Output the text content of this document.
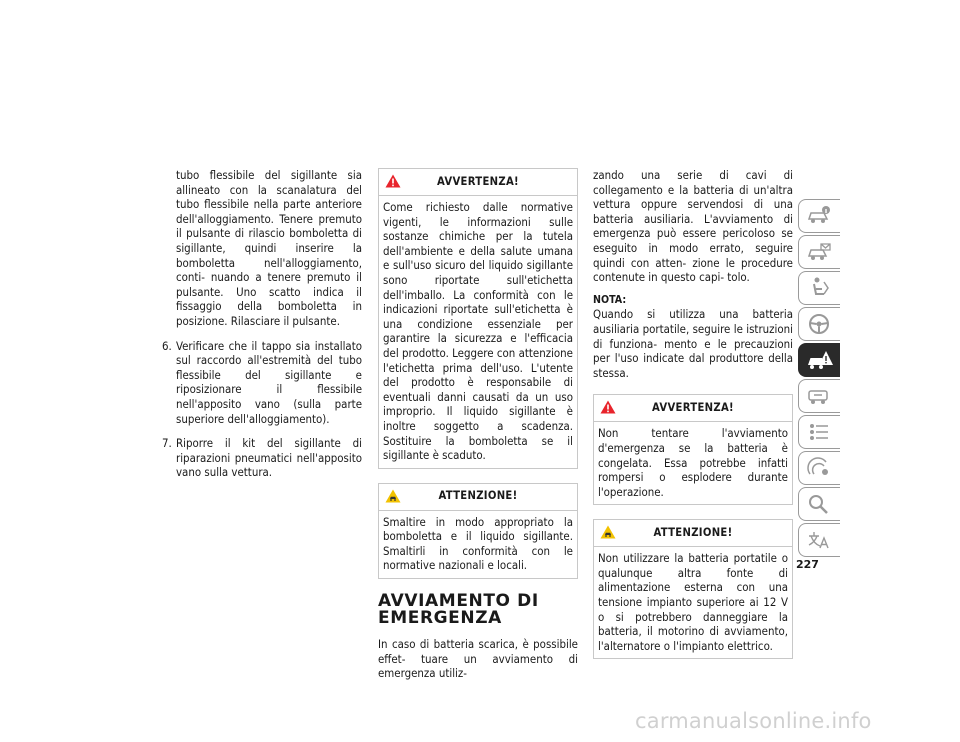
tubo flessibile del sigillante sia allineato con la scanalatura del tubo flessibile nella parte anteriore dell'alloggiamento. Tenere premuto il pulsante di rilascio bomboletta di sigillante, quindi inserire la bomboletta nell'alloggiamento, conti- nuando a tenere premuto il pulsante. Uno scatto indica il fissaggio della bomboletta in posizione. Rilasciare il pulsante.

6. Verificare che il tappo sia installato sul raccordo all'estremità del tubo flessibile del sigillante e riposizionare il flessibile nell'apposito vano (sulla parte superiore dell'alloggiamento).
7. Riporre il kit del sigillante di riparazioni pneumatici nell'apposito vano sulla vettura.
AVVERTENZA!
Come richiesto dalle normative vigenti, le informazioni sulle sostanze chimiche per la tutela dell'ambiente e della salute umana e sull'uso sicuro del liquido sigillante sono riportate sull'etichetta dell'imballo. La conformità con le indicazioni riportate sull'etichetta è una condizione essenziale per garantire la sicurezza e l'efficacia del prodotto. Leggere con attenzione l'etichetta prima dell'uso. L'utente del prodotto è responsabile di eventuali danni causati da un uso improprio. Il liquido sigillante è inoltre soggetto a scadenza. Sostituire la bomboletta se il sigillante è scaduto.
ATTENZIONE!
Smaltire in modo appropriato la bomboletta e il liquido sigillante. Smaltirli in conformità con le normative nazionali e locali.
AVVIAMENTO DI EMERGENZA

In caso di batteria scarica, è possibile effet- tuare un avviamento di emergenza utiliz-

zando una serie di cavi di collegamento e la batteria di un'altra vettura oppure servendosi di una batteria ausiliaria. L'avviamento di emergenza può essere pericoloso se eseguito in modo errato, seguire quindi con atten- zione le procedure contenute in questo capi- tolo.

NOTA:

Quando si utilizza una batteria ausiliaria portatile, seguire le istruzioni di funziona- mento e le precauzioni per l'uso indicate dal produttore della stessa.

AVVERTENZA!
Non tentare l'avviamento d'emergenza se la batteria è congelata. Essa potrebbe infatti rompersi o esplodere durante l'operazione.
ATTENZIONE!
Non utilizzare la batteria portatile o qualunque altra fonte di alimentazione esterna con una tensione impianto superiore ai 12 V o si potrebbero danneggiare la batteria, il motorino di avviamento, l'alternatore o l'impianto elettrico.
227
carmanualsonline.info
